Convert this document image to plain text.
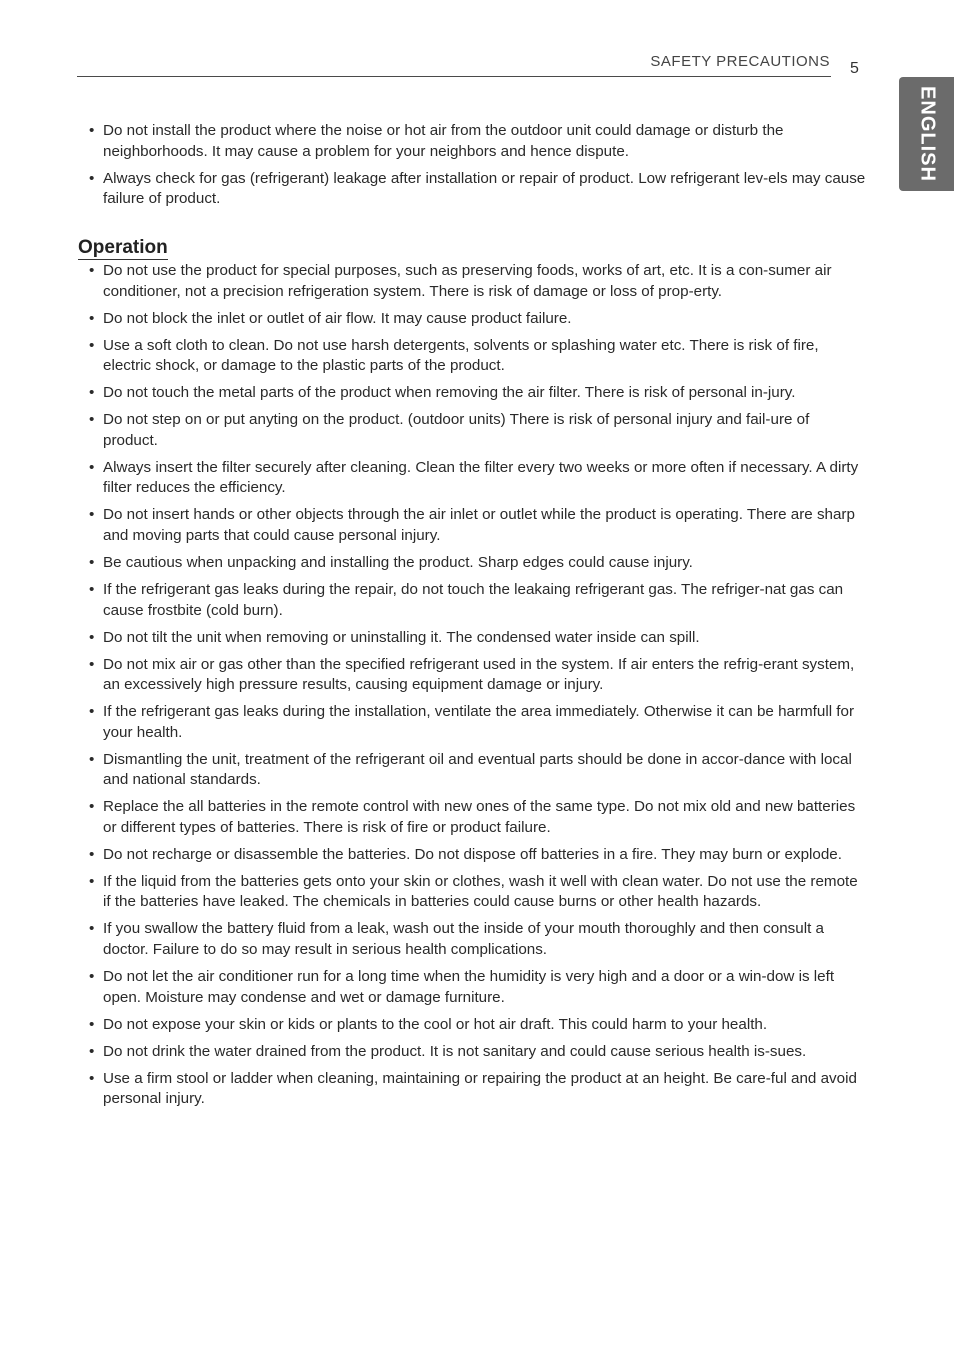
SAFETY PRECAUTIONS 5
ENGLISH
• Do not install the product where the noise or hot air from the outdoor unit could damage or disturb the neighborhoods. It may cause a problem for your neighbors and hence dispute.
• Always check for gas (refrigerant) leakage after installation or repair of product. Low refrigerant lev-els may cause failure of product.
Operation
• Do not use the product for special purposes, such as preserving foods, works of art, etc. It is a con-sumer air conditioner, not a precision refrigeration system. There is risk of damage or loss of prop-erty.
• Do not block the inlet or outlet of air flow. It may cause product failure.
• Use a soft cloth to clean. Do not use harsh detergents, solvents or splashing water etc. There is risk of fire, electric shock, or damage to the plastic parts of the product.
• Do not touch the metal parts of the product when removing the air filter. There is risk of personal in-jury.
• Do not step on or put anyting on the product. (outdoor units) There is risk of personal injury and fail-ure of product.
• Always insert the filter securely after cleaning. Clean the filter every two weeks or more often if necessary. A dirty filter reduces the efficiency.
• Do not insert hands or other objects through the air inlet or outlet while the product is operating. There are sharp and moving parts that could cause personal injury.
• Be cautious when unpacking and installing the product. Sharp edges could cause injury.
• If the refrigerant gas leaks during the repair, do not touch the leakaing refrigerant gas. The refriger-nat gas can cause frostbite (cold burn).
• Do not tilt the unit when removing or uninstalling it. The condensed water inside can spill.
• Do not mix air or gas other than the specified refrigerant used in the system. If air enters the refrig-erant system, an excessively high pressure results, causing equipment damage or injury.
• If the refrigerant gas leaks during the installation, ventilate the area immediately. Otherwise it can be harmfull for your health.
• Dismantling the unit, treatment of the refrigerant oil and eventual parts should be done in accor-dance with local and national standards.
• Replace the all batteries in the remote control with new ones of the same type. Do not mix old and new batteries or different types of batteries. There is risk of fire or product failure.
• Do not recharge or disassemble the batteries. Do not dispose off batteries in a fire. They may burn or explode.
• If the liquid from the batteries gets onto your skin or clothes, wash it well with clean water. Do not use the remote if the batteries have leaked. The chemicals in batteries could cause burns or other health hazards.
• If you swallow the battery fluid from a leak, wash out the inside of your mouth thoroughly and then consult a doctor. Failure to do so may result in serious health complications.
• Do not let the air conditioner run for a long time when the humidity is very high and a door or a win-dow is left open. Moisture may condense and wet or damage furniture.
• Do not expose your skin or kids or plants to the cool or hot air draft. This could harm to your health.
• Do not drink the water drained from the product. It is not sanitary and could cause serious health is-sues.
• Use a firm stool or ladder when cleaning, maintaining or repairing the product at an height. Be care-ful and avoid personal injury.
